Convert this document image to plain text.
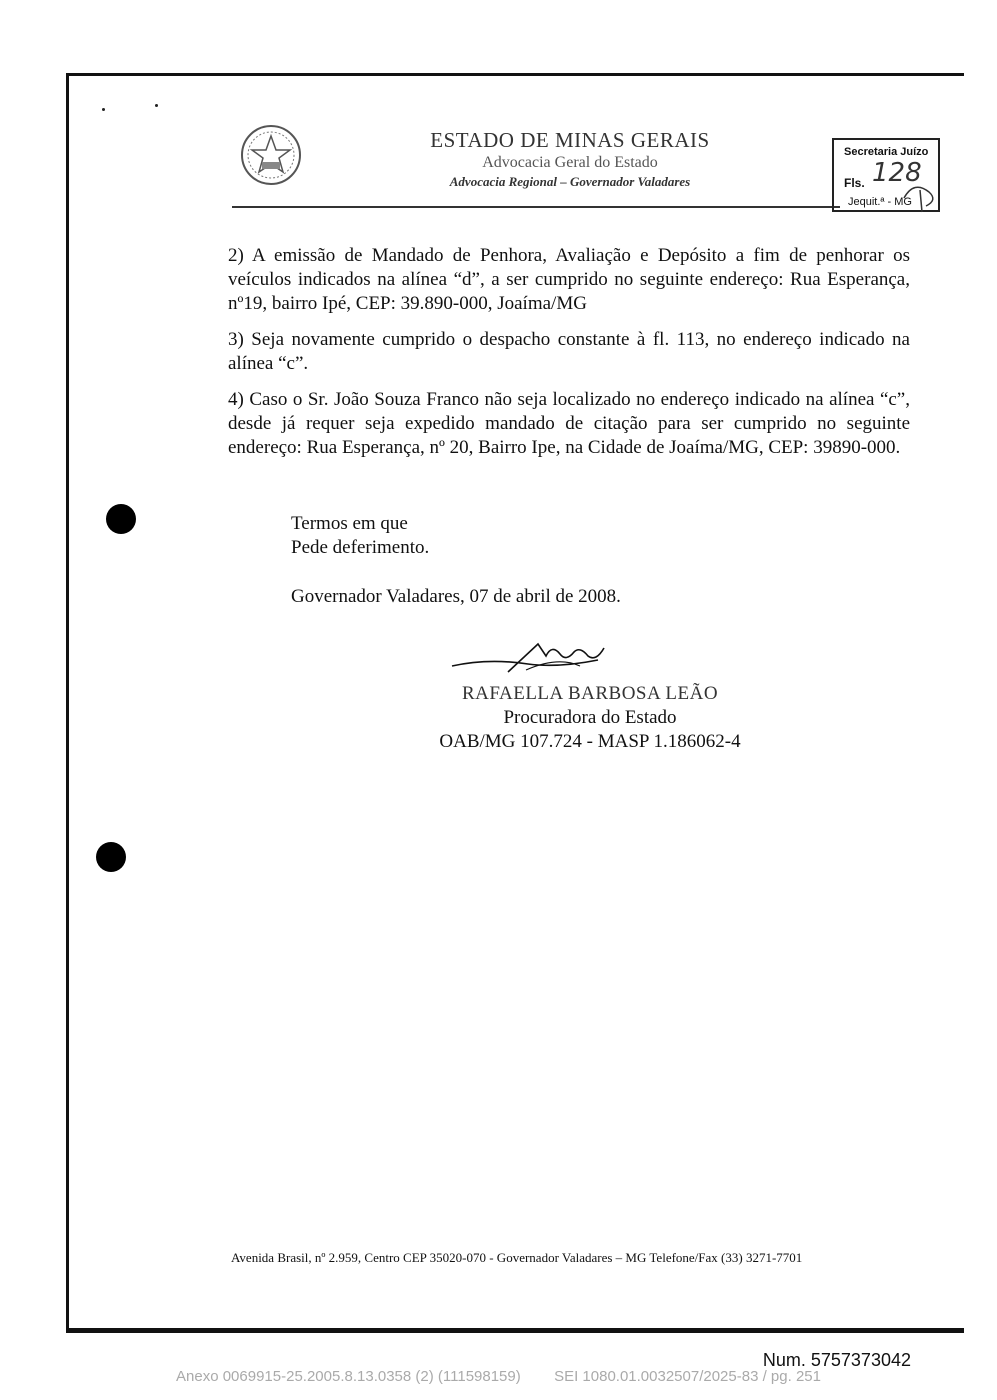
ESTADO DE MINAS GERAIS
Advocacia Geral do Estado
Advocacia Regional – Governador Valadares
Secretaria Juízo
Fls. 128
Jequit.ª - MG
2) A emissão de Mandado de Penhora, Avaliação e Depósito a fim de penhorar os veículos indicados na alínea “d”, a ser cumprido no seguinte endereço: Rua Esperança, nº19, bairro Ipé, CEP: 39.890-000, Joaíma/MG
3) Seja novamente cumprido o despacho constante à fl. 113, no endereço indicado na alínea “c”.
4) Caso o Sr. João Souza Franco não seja localizado no endereço indicado na alínea “c”, desde já requer seja expedido mandado de citação para ser cumprido no seguinte endereço: Rua Esperança, nº 20, Bairro Ipe, na Cidade de Joaíma/MG, CEP: 39890-000.
Termos em que
Pede deferimento.
Governador Valadares, 07 de abril de 2008.
RAFAELLA BARBOSA LEÃO
Procuradora do Estado
OAB/MG 107.724 - MASP 1.186062-4
Avenida Brasil, nº 2.959, Centro CEP 35020-070 - Governador Valadares – MG Telefone/Fax (33) 3271-7701
Num. 5757373042
Anexo 0069915-25.2005.8.13.0358 (2) (111598159)        SEI 1080.01.0032507/2025-83 / pg. 251
